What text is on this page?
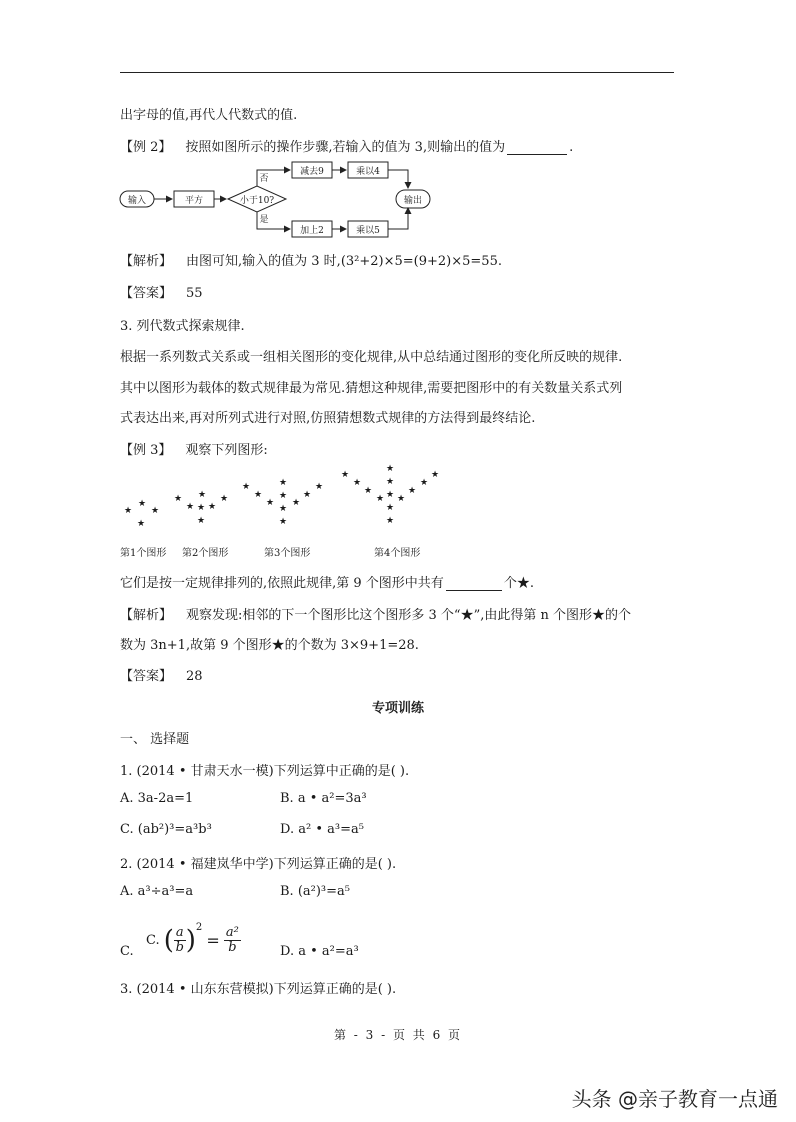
出字母的值,再代人代数式的值.
【例 2】 按照如图所示的操作步骤,若输入的值为 3,则输出的值为	.
输入	平方	小于10?
否
是
减去9	乘以4
加上2	乘以5
输出
【解析】 由图可知,输入的值为 3 时,(3²+2)×5=(9+2)×5=55.
【答案】 55
3. 列代数式探索规律.
根据一系列数式关系或一组相关图形的变化规律,从中总结通过图形的变化所反映的规律.
其中以图形为载体的数式规律最为常见.猜想这种规律,需要把图形中的有关数量关系式列
式表达出来,再对所列式进行对照,仿照猜想数式规律的方法得到最终结论.
【例 3】 观察下列图形:
★
★
★
★
★
★
★
★ ★
★
★
★
★
★
★
★
★
★
★
★
★
★
★
★
★
★
★
★
★
★
★
★
★
★
第1个图形 第2个图形	第3个图形	第4个图形
它们是按一定规律排列的,依照此规律,第 9 个图形中共有	个★.
【解析】 观察发现:相邻的下一个图形比这个图形多 3 个“★”,由此得第 n 个图形★的个
数为 3n+1,故第 9 个图形★的个数为 3×9+1=28.
【答案】 28
专项训练
一、 选择题
1. (2014 • 甘肃天水一模)下列运算中正确的是( ).
A. 3a-2a=1	B. a • a²=3a³
C. (ab²)³=a³b³	D. a² • a³=a⁵
2. (2014 • 福建岚华中学)下列运算正确的是( ).
A. a³÷a³=a	B. (a²)³=a⁵
C.
C. ( $\frac{a}{b} )^2 = \frac{\text{a²}}{b}$	D. a • a²=a³
3. (2014 • 山东东营模拟)下列运算正确的是( ).
第 - 3 - 页 共 6 页
头条 @亲子教育一点通
